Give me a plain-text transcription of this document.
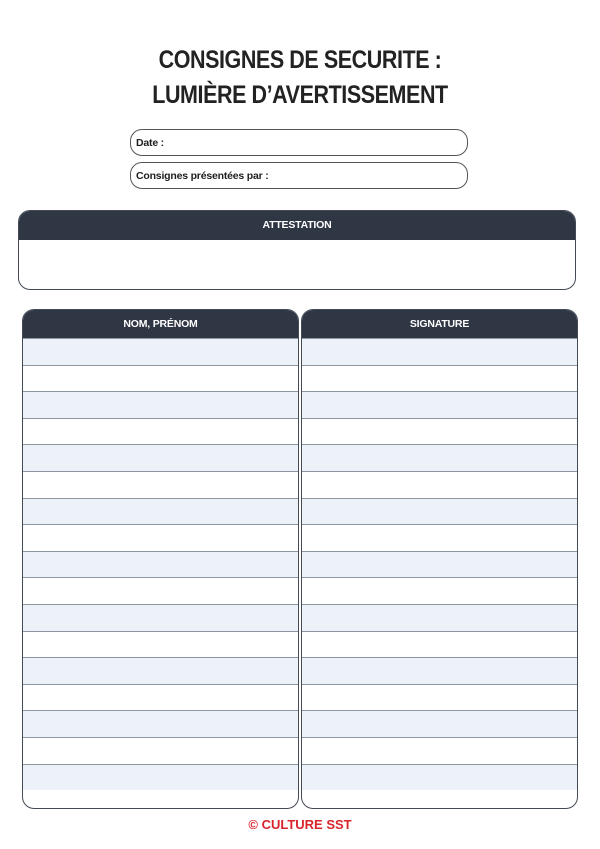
CONSIGNES DE SECURITE :
LUMIÈRE D’AVERTISSEMENT
Date :
Consignes présentées par :
ATTESTATION

NOM, PRÉNOM	SIGNATURE
© CULTURE SST
